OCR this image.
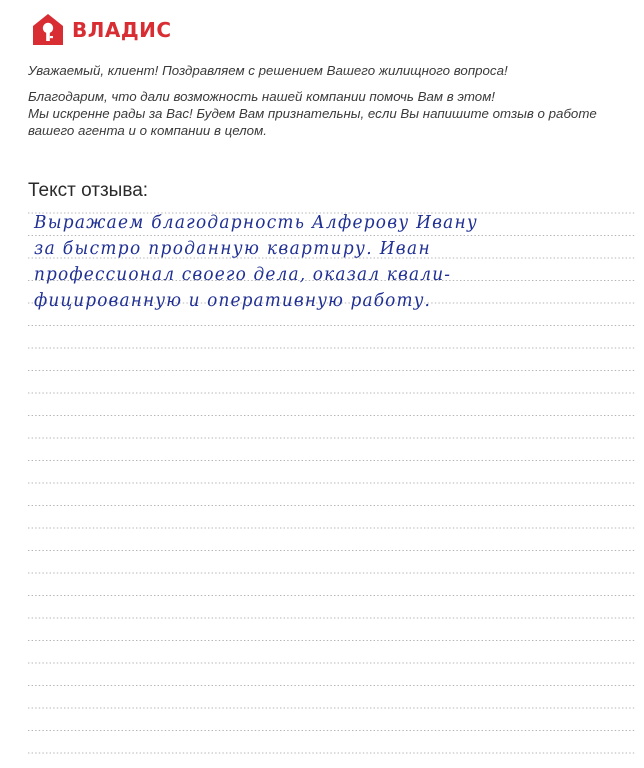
ВЛАДИС

Уважаемый, клиент! Поздравляем с решением Вашего жилищного вопроса!

Благодарим, что дали возможность нашей компании помочь Вам в этом!
Мы искренне рады за Вас! Будем Вам признательны, если Вы напишите отзыв о работе
вашего агента и о компании в целом.

Текст отзыва:
Выражаем благодарность Алферову Ивану
за быстро проданную квартиру. Иван
профессионал своего дела, оказал квали-
фицированную и оперативную работу.
